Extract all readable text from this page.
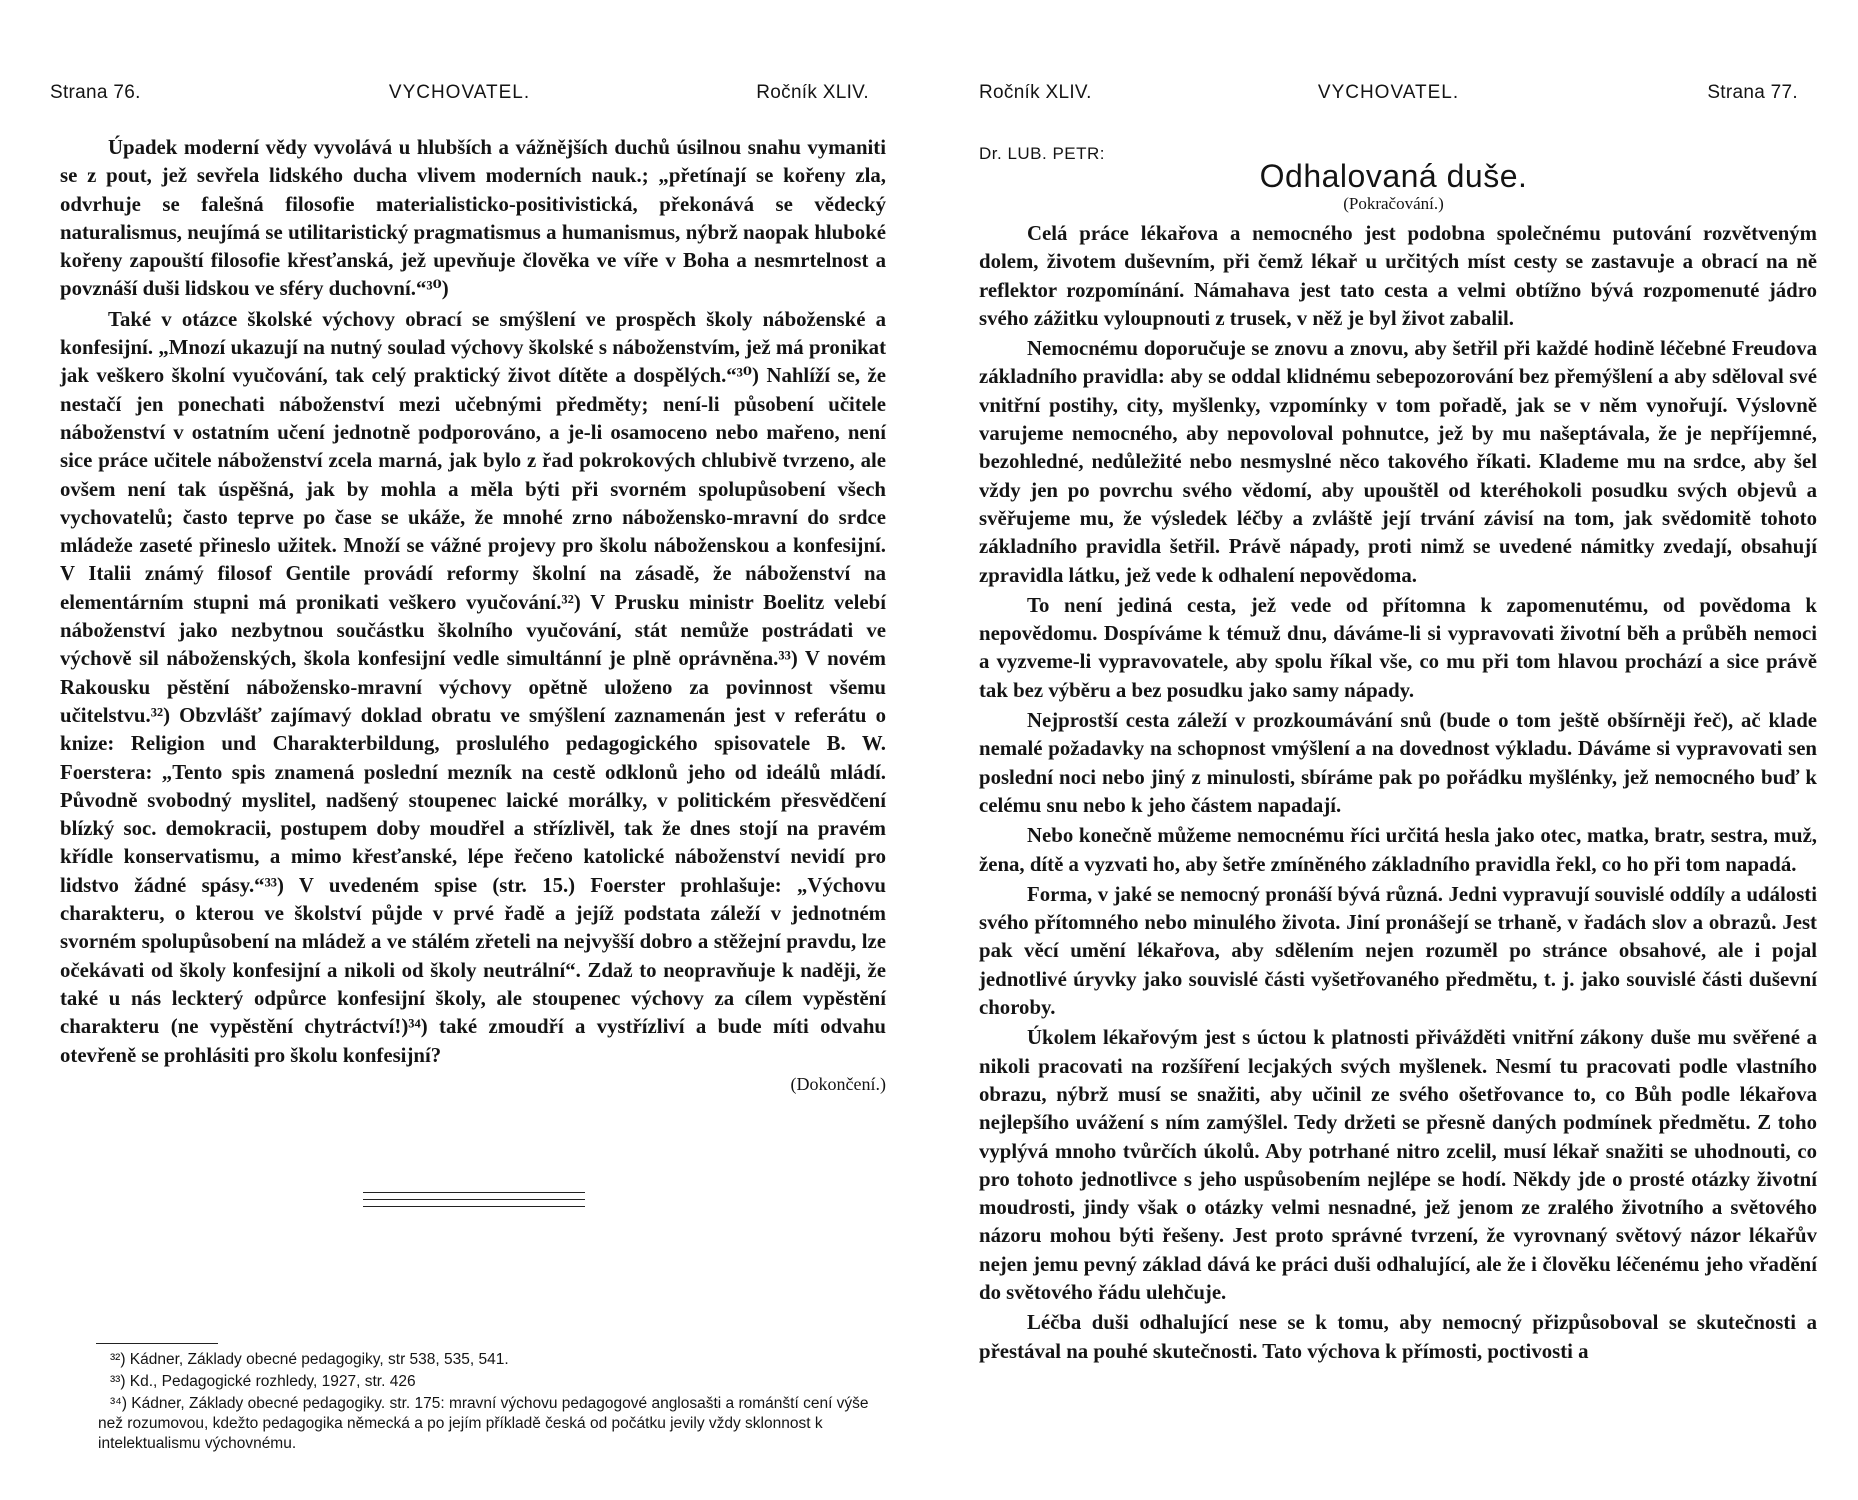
Strana 76.	VYCHOVATEL.	Ročník XLIV.

Úpadek moderní vědy vyvolává u hlubších a vážnějších duchů úsilnou snahu vymaniti se z pout, jež sevřela lidského ducha vlivem moderních nauk.; „přetínají se kořeny zla, odvrhuje se falešná filosofie materialisticko-positivistická, překonává se vědecký naturalismus, neujímá se utilitaristický pragmatismus a humanismus, nýbrž naopak hluboké kořeny zapouští filosofie křesťanská, jež upevňuje člověka ve víře v Boha a nesmrtelnost a povznáší duši lidskou ve sféry duchovní.“³⁰)

Také v otázce školské výchovy obrací se smýšlení ve prospěch školy náboženské a konfesijní. „Mnozí ukazují na nutný soulad výchovy školské s náboženstvím, jež má pronikat jak veškero školní vyučování, tak celý praktický život dítěte a dospělých.“³⁰) Nahlíží se, že nestačí jen ponechati náboženství mezi učebnými předměty; není-li působení učitele náboženství v ostatním učení jednotně podporováno, a je-li osamoceno nebo mařeno, není sice práce učitele náboženství zcela marná, jak bylo z řad pokrokových chlubivě tvrzeno, ale ovšem není tak úspěšná, jak by mohla a měla býti při svorném spolupůsobení všech vychovatelů; často teprve po čase se ukáže, že mnohé zrno nábožensko-mravní do srdce mládeže zaseté přineslo užitek. Množí se vážné projevy pro školu náboženskou a konfesijní. V Italii známý filosof Gentile provádí reformy školní na zásadě, že náboženství na elementárním stupni má pronikati veškero vyučování.³²) V Prusku ministr Boelitz velebí náboženství jako nezbytnou součástku školního vyučování, stát nemůže postrádati ve výchově sil náboženských, škola konfesijní vedle simultánní je plně oprávněna.³³) V novém Rakousku pěstění nábožensko-mravní výchovy opětně uloženo za povinnost všemu učitelstvu.³²) Obzvlášť zajímavý doklad obratu ve smýšlení zaznamenán jest v referátu o knize: Religion und Charakterbildung, proslulého pedagogického spisovatele B. W. Foerstera: „Tento spis znamená poslední mezník na cestě odklonů jeho od ideálů mládí. Původně svobodný myslitel, nadšený stoupenec laické morálky, v politickém přesvědčení blízký soc. demokracii, postupem doby moudřel a střízlivěl, tak že dnes stojí na pravém křídle konservatismu, a mimo křesťanské, lépe řečeno katolické náboženství nevidí pro lidstvo žádné spásy.“³³) V uvedeném spise (str. 15.) Foerster prohlašuje: „Výchovu charakteru, o kterou ve školství půjde v prvé řadě a jejíž podstata záleží v jednotném svorném spolupůsobení na mládež a ve stálém zřeteli na nejvyšší dobro a stěžejní pravdu, lze očekávati od školy konfesijní a nikoli od školy neutrální“. Zdaž to neopravňuje k naději, že také u nás leckterý odpůrce konfesijní školy, ale stoupenec výchovy za cílem vypěstění charakteru (ne vypěstění chytráctví!)³⁴) také zmoudří a vystřízliví a bude míti odvahu otevřeně se prohlásiti pro školu konfesijní?

(Dokončení.)

³²) Kádner, Základy obecné pedagogiky, str 538, 535, 541.

³³) Kd., Pedagogické rozhledy, 1927, str. 426

³⁴) Kádner, Základy obecné pedagogiky. str. 175: mravní výchovu pedagogové anglosašti a románští cení výše než rozumovou, kdežto pedagogika německá a po jejím příkladě česká od počátku jevily vždy sklonnost k intelektualismu výchovnému.

Ročník XLIV.	VYCHOVATEL.	Strana 77.
Dr. LUB. PETR:
Odhalovaná duše.
(Pokračování.)

Celá práce lékařova a nemocného jest podobna společnému putování rozvětveným dolem, životem duševním, při čemž lékař u určitých míst cesty se zastavuje a obrací na ně reflektor rozpomínání. Námahava jest tato cesta a velmi obtížno bývá rozpomenuté jádro svého zážitku vyloupnouti z trusek, v něž je byl život zabalil.

Nemocnému doporučuje se znovu a znovu, aby šetřil při každé hodině léčebné Freudova základního pravidla: aby se oddal klidnému sebepozorování bez přemýšlení a aby sděloval své vnitřní postihy, city, myšlenky, vzpomínky v tom pořadě, jak se v něm vynořují. Výslovně varujeme nemocného, aby nepovoloval pohnutce, jež by mu našeptávala, že je nepříjemné, bezohledné, nedůležité nebo nesmyslné něco takového říkati. Klademe mu na srdce, aby šel vždy jen po povrchu svého vědomí, aby upouštěl od kteréhokoli posudku svých objevů a svěřujeme mu, že výsledek léčby a zvláště její trvání závisí na tom, jak svědomitě tohoto základního pravidla šetřil. Právě nápady, proti nimž se uvedené námitky zvedají, obsahují zpravidla látku, jež vede k odhalení nepovědoma.

To není jediná cesta, jež vede od přítomna k zapomenutému, od povědoma k nepovědomu. Dospíváme k témuž dnu, dáváme-li si vypravovati životní běh a průběh nemoci a vyzveme-li vypravovatele, aby spolu říkal vše, co mu při tom hlavou prochází a sice právě tak bez výběru a bez posudku jako samy nápady.

Nejprostší cesta záleží v prozkoumávání snů (bude o tom ještě obšírněji řeč), ač klade nemalé požadavky na schopnost vmýšlení a na dovednost výkladu. Dáváme si vypravovati sen poslední noci nebo jiný z minulosti, sbíráme pak po pořádku myšlénky, jež nemocného buď k celému snu nebo k jeho částem napadají.

Nebo konečně můžeme nemocnému říci určitá hesla jako otec, matka, bratr, sestra, muž, žena, dítě a vyzvati ho, aby šetře zmíněného základního pravidla řekl, co ho při tom napadá.

Forma, v jaké se nemocný pronáší bývá různá. Jedni vypravují souvislé oddíly a události svého přítomného nebo minulého života. Jiní pronášejí se trhaně, v řadách slov a obrazů. Jest pak věcí umění lékařova, aby sdělením nejen rozuměl po stránce obsahové, ale i pojal jednotlivé úryvky jako souvislé části vyšetřovaného předmětu, t. j. jako souvislé části duševní choroby.

Úkolem lékařovým jest s úctou k platnosti přivážděti vnitřní zákony duše mu svěřené a nikoli pracovati na rozšíření lecjakých svých myšlenek. Nesmí tu pracovati podle vlastního obrazu, nýbrž musí se snažiti, aby učinil ze svého ošetřovance to, co Bůh podle lékařova nejlepšího uvážení s ním zamýšlel. Tedy držeti se přesně daných podmínek předmětu. Z toho vyplývá mnoho tvůrčích úkolů. Aby potrhané nitro zcelil, musí lékař snažiti se uhodnouti, co pro tohoto jednotlivce s jeho uspůsobením nejlépe se hodí. Někdy jde o prosté otázky životní moudrosti, jindy však o otázky velmi nesnadné, jež jenom ze zralého životního a světového názoru mohou býti řešeny. Jest proto správné tvrzení, že vyrovnaný světový názor lékařův nejen jemu pevný základ dává ke práci duši odhalující, ale že i člověku léčenému jeho vřadění do světového řádu ulehčuje.

Léčba duši odhalující nese se k tomu, aby nemocný přizpůsoboval se skutečnosti a přestával na pouhé skutečnosti. Tato výchova k přímosti, poctivosti a
